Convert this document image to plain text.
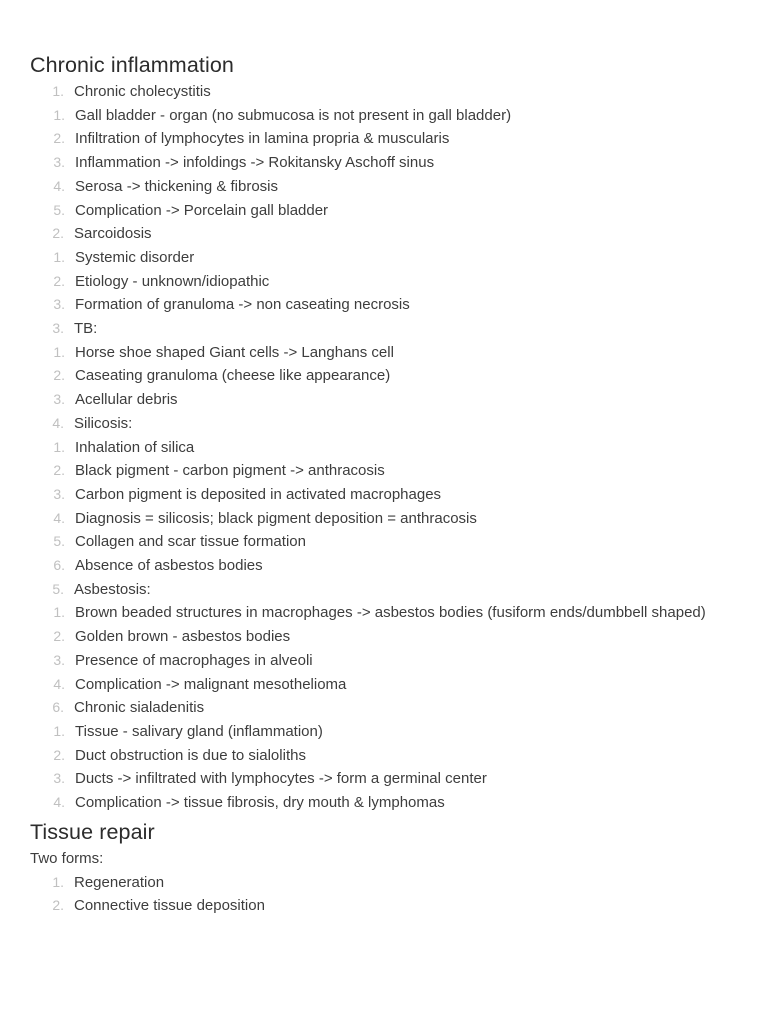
Chronic inflammation
1. Chronic cholecystitis
1. Gall bladder - organ (no submucosa is not present in gall bladder)
2. Infiltration of lymphocytes in lamina propria & muscularis
3. Inflammation -> infoldings -> Rokitansky Aschoff sinus
4. Serosa -> thickening & fibrosis
5. Complication -> Porcelain gall bladder
2. Sarcoidosis
1. Systemic disorder
2. Etiology - unknown/idiopathic
3. Formation of granuloma -> non caseating necrosis
3. TB:
1. Horse shoe shaped Giant cells -> Langhans cell
2. Caseating granuloma (cheese like appearance)
3. Acellular debris
4. Silicosis:
1. Inhalation of silica
2. Black pigment - carbon pigment -> anthracosis
3. Carbon pigment is deposited in activated macrophages
4. Diagnosis = silicosis; black pigment deposition = anthracosis
5. Collagen and scar tissue formation
6. Absence of asbestos bodies
5. Asbestosis:
1. Brown beaded structures in macrophages -> asbestos bodies (fusiform ends/dumbbell shaped)
2. Golden brown - asbestos bodies
3. Presence of macrophages in alveoli
4. Complication -> malignant mesothelioma
6. Chronic sialadenitis
1. Tissue - salivary gland (inflammation)
2. Duct obstruction is due to sialoliths
3. Ducts -> infiltrated with lymphocytes -> form a germinal center
4. Complication -> tissue fibrosis, dry mouth & lymphomas
Tissue repair
Two forms:
1. Regeneration
2. Connective tissue deposition
